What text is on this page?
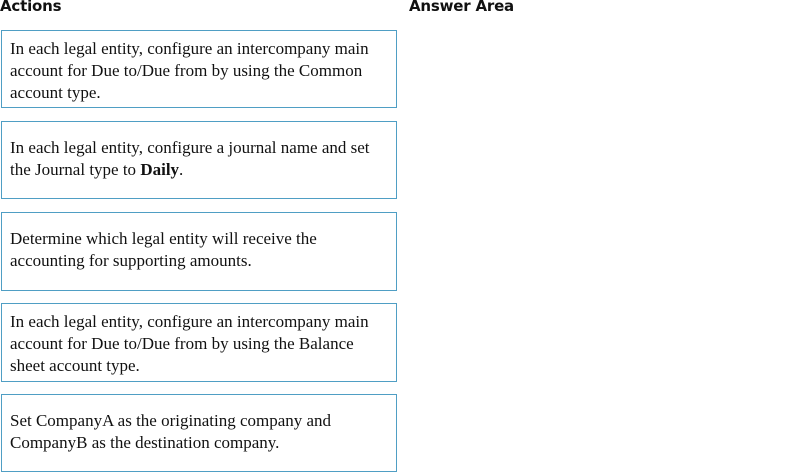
Actions	Answer Area
In each legal entity, configure an intercompany main account for Due to/Due from by using the Common account type.
In each legal entity, configure a journal name and set the Journal type to Daily.
Determine which legal entity will receive the accounting for supporting amounts.
In each legal entity, configure an intercompany main account for Due to/Due from by using the Balance sheet account type.
Set CompanyA as the originating company and CompanyB as the destination company.
